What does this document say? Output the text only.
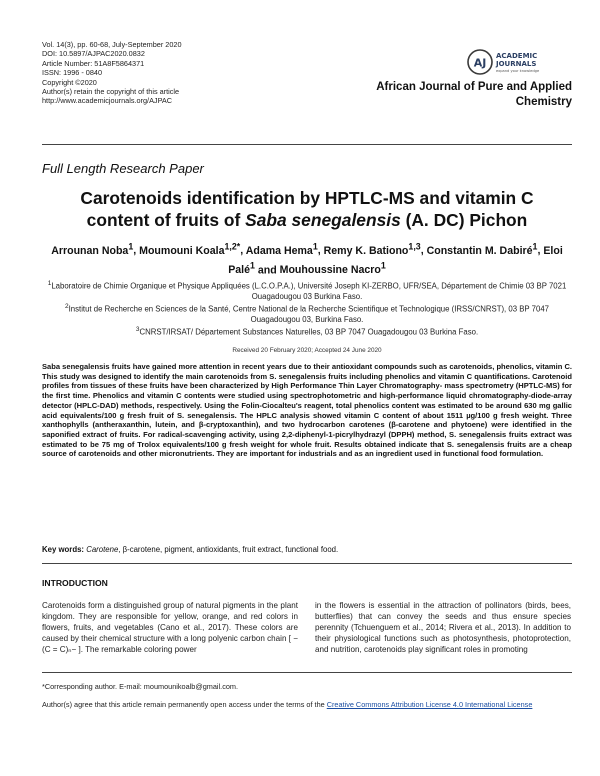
Vol. 14(3), pp. 60-68, July-September 2020
DOI: 10.5897/AJPAC2020.0832
Article Number: 51A8F5864371
ISSN: 1996 - 0840
Copyright ©2020
Author(s) retain the copyright of this article
http://www.academicjournals.org/AJPAC
AJ
ACADEMIC
JOURNALS
expand your knowledge
African Journal of Pure and Applied
Chemistry
Full Length Research Paper
Carotenoids identification by HPTLC-MS and vitamin C
content of fruits of Saba senegalensis (A. DC) Pichon
Arrounan Noba$^1$, Moumouni Koala$^{1,2*}$, Adama Hema$^1$, Remy K. Bationo$^{1,3}$, Constantin M. Dabiré$^1$, Eloi Palé$^1$ and Mouhoussine Nacro$^1$
$^1$Laboratoire de Chimie Organique et Physique Appliquées (L.C.O.P.A.), Université Joseph KI-ZERBO, UFR/SEA, Département de Chimie 03 BP 7021 Ouagadougou 03 Burkina Faso.
$^2$Institut de Recherche en Sciences de la Santé, Centre National de la Recherche Scientifique et Technologique (IRSS/CNRST), 03 BP 7047 Ouagadougou 03, Burkina Faso.
$^3$CNRST/IRSAT/ Département Substances Naturelles, 03 BP 7047 Ouagadougou 03 Burkina Faso.
Received 20 February 2020; Accepted 24 June 2020
Saba senegalensis fruits have gained more attention in recent years due to their antioxidant compounds such as carotenoids, phenolics, vitamin C. This study was designed to identify the main carotenoids from S. senegalensis fruits including phenolics and vitamin C quantifications. Carotenoid profiles from tissues of these fruits have been characterized by High Performance Thin Layer Chromatography- mass spectrometry (HPTLC-MS) for the first time. Phenolics and vitamin C contents were studied using spectrophotometric and high-performance liquid chromatography-diode-array detector (HPLC-DAD) methods, respectively. Using the Folin-Ciocalteu's reagent, total phenolics content was estimated to be around 630 mg gallic acid equivalents/100 g fresh fruit of S. senegalensis. The HPLC analysis showed vitamin C content of about 1511 µg/100 g fresh weight. Three xanthophylls (antheraxanthin, lutein, and β-cryptoxanthin), and two hydrocarbon carotenes (β-carotene and phytoene) were identified in the saponified extract of fruits. For radical-scavenging activity, using 2,2-diphenyl-1-picrylhydrazyl (DPPH) method, S. senegalensis fruits extract was estimated to be 75 mg of Trolox equivalents/100 g fresh weight for whole fruit. Results obtained indicate that S. senegalensis fruits are a cheap source of carotenoids and other micronutrients. They are important for industrials and as an ingredient used in functional food formulation.
Key words: Carotene, β-carotene, pigment, antioxidants, fruit extract, functional food.
INTRODUCTION
Carotenoids form a distinguished group of natural pigments in the plant kingdom. They are responsible for yellow, orange, and red colors in flowers, fruits, and vegetables (Cano et al., 2017). These colors are caused by their chemical structure with a long polyenic carbon chain [ −(C = C)ₙ− ]. The remarkable coloring power
in the flowers is essential in the attraction of pollinators (birds, bees, butterflies) that can convey the seeds and thus ensure species perennity (Tchuenguem et al., 2014; Rivera et al., 2013). In addition to their physiological functions such as photosynthesis, photoprotection, and nutrition, carotenoids play significant roles in promoting
*Corresponding author. E-mail: moumounikoalb@gmail.com.
Author(s) agree that this article remain permanently open access under the terms of the Creative Commons Attribution License 4.0 International License
